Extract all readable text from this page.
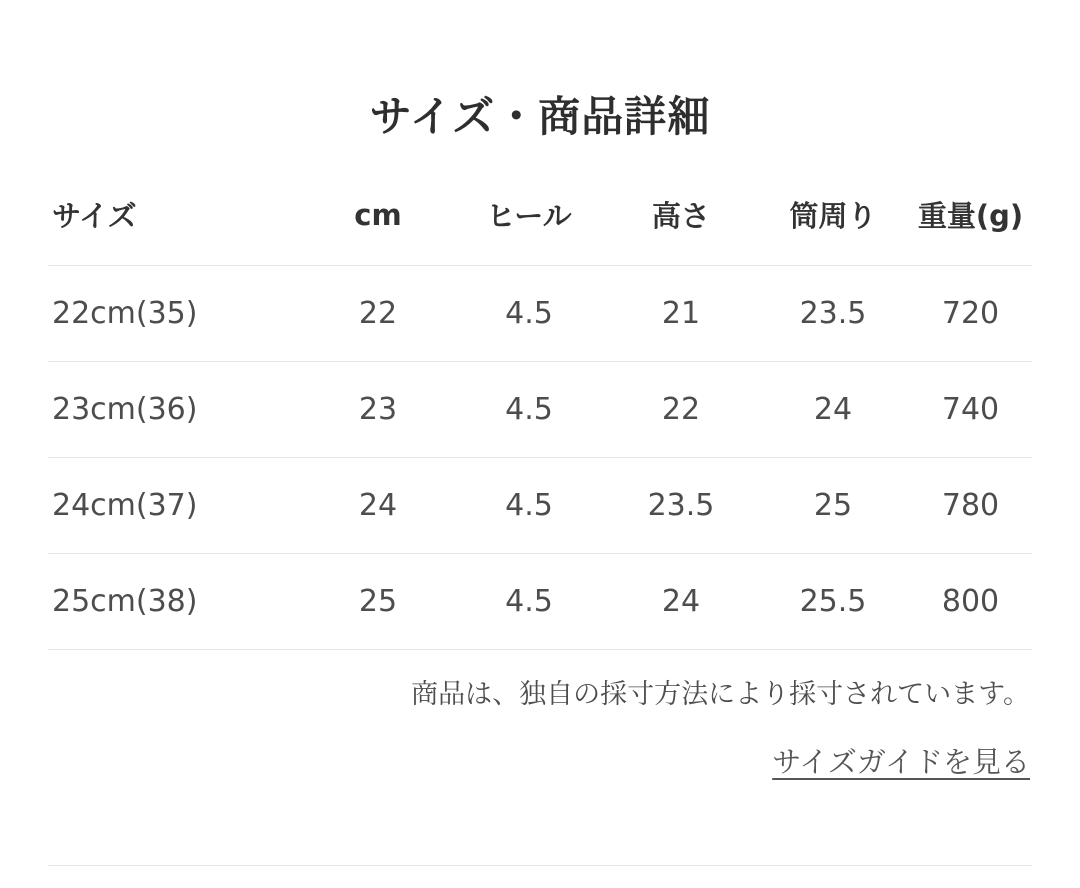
サイズ・商品詳細
サイズ	cm	ヒール	高さ	筒周り	重量(g)
22cm(35)	22	4.5	21	23.5	720
23cm(36)	23	4.5	22	24	740
24cm(37)	24	4.5	23.5	25	780
25cm(38)	25	4.5	24	25.5	800
商品は、独自の採寸方法により採寸されています。
サイズガイドを見る
